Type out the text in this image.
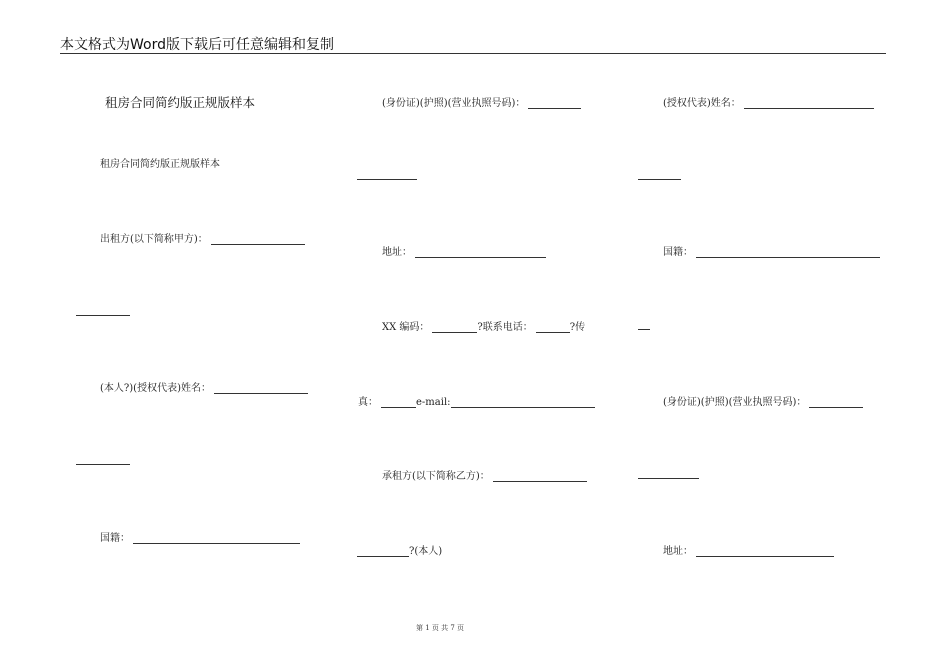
本文格式为Word版下载后可任意编辑和复制
租房合同简约版正规版样本
租房合同简约版正规版样本
出租方(以下简称甲方)：
(本人?)(授权代表)姓名：
国籍：
(身份证)(护照)(营业执照号码)：
地址：
XX 编码：	?联系电话：	?传
真：	e-mail:
承租方(以下简称乙方)：
?(本人)
(授权代表)姓名：
国籍：
(身份证)(护照)(营业执照号码)：
地址：
第 1 页 共 7 页
